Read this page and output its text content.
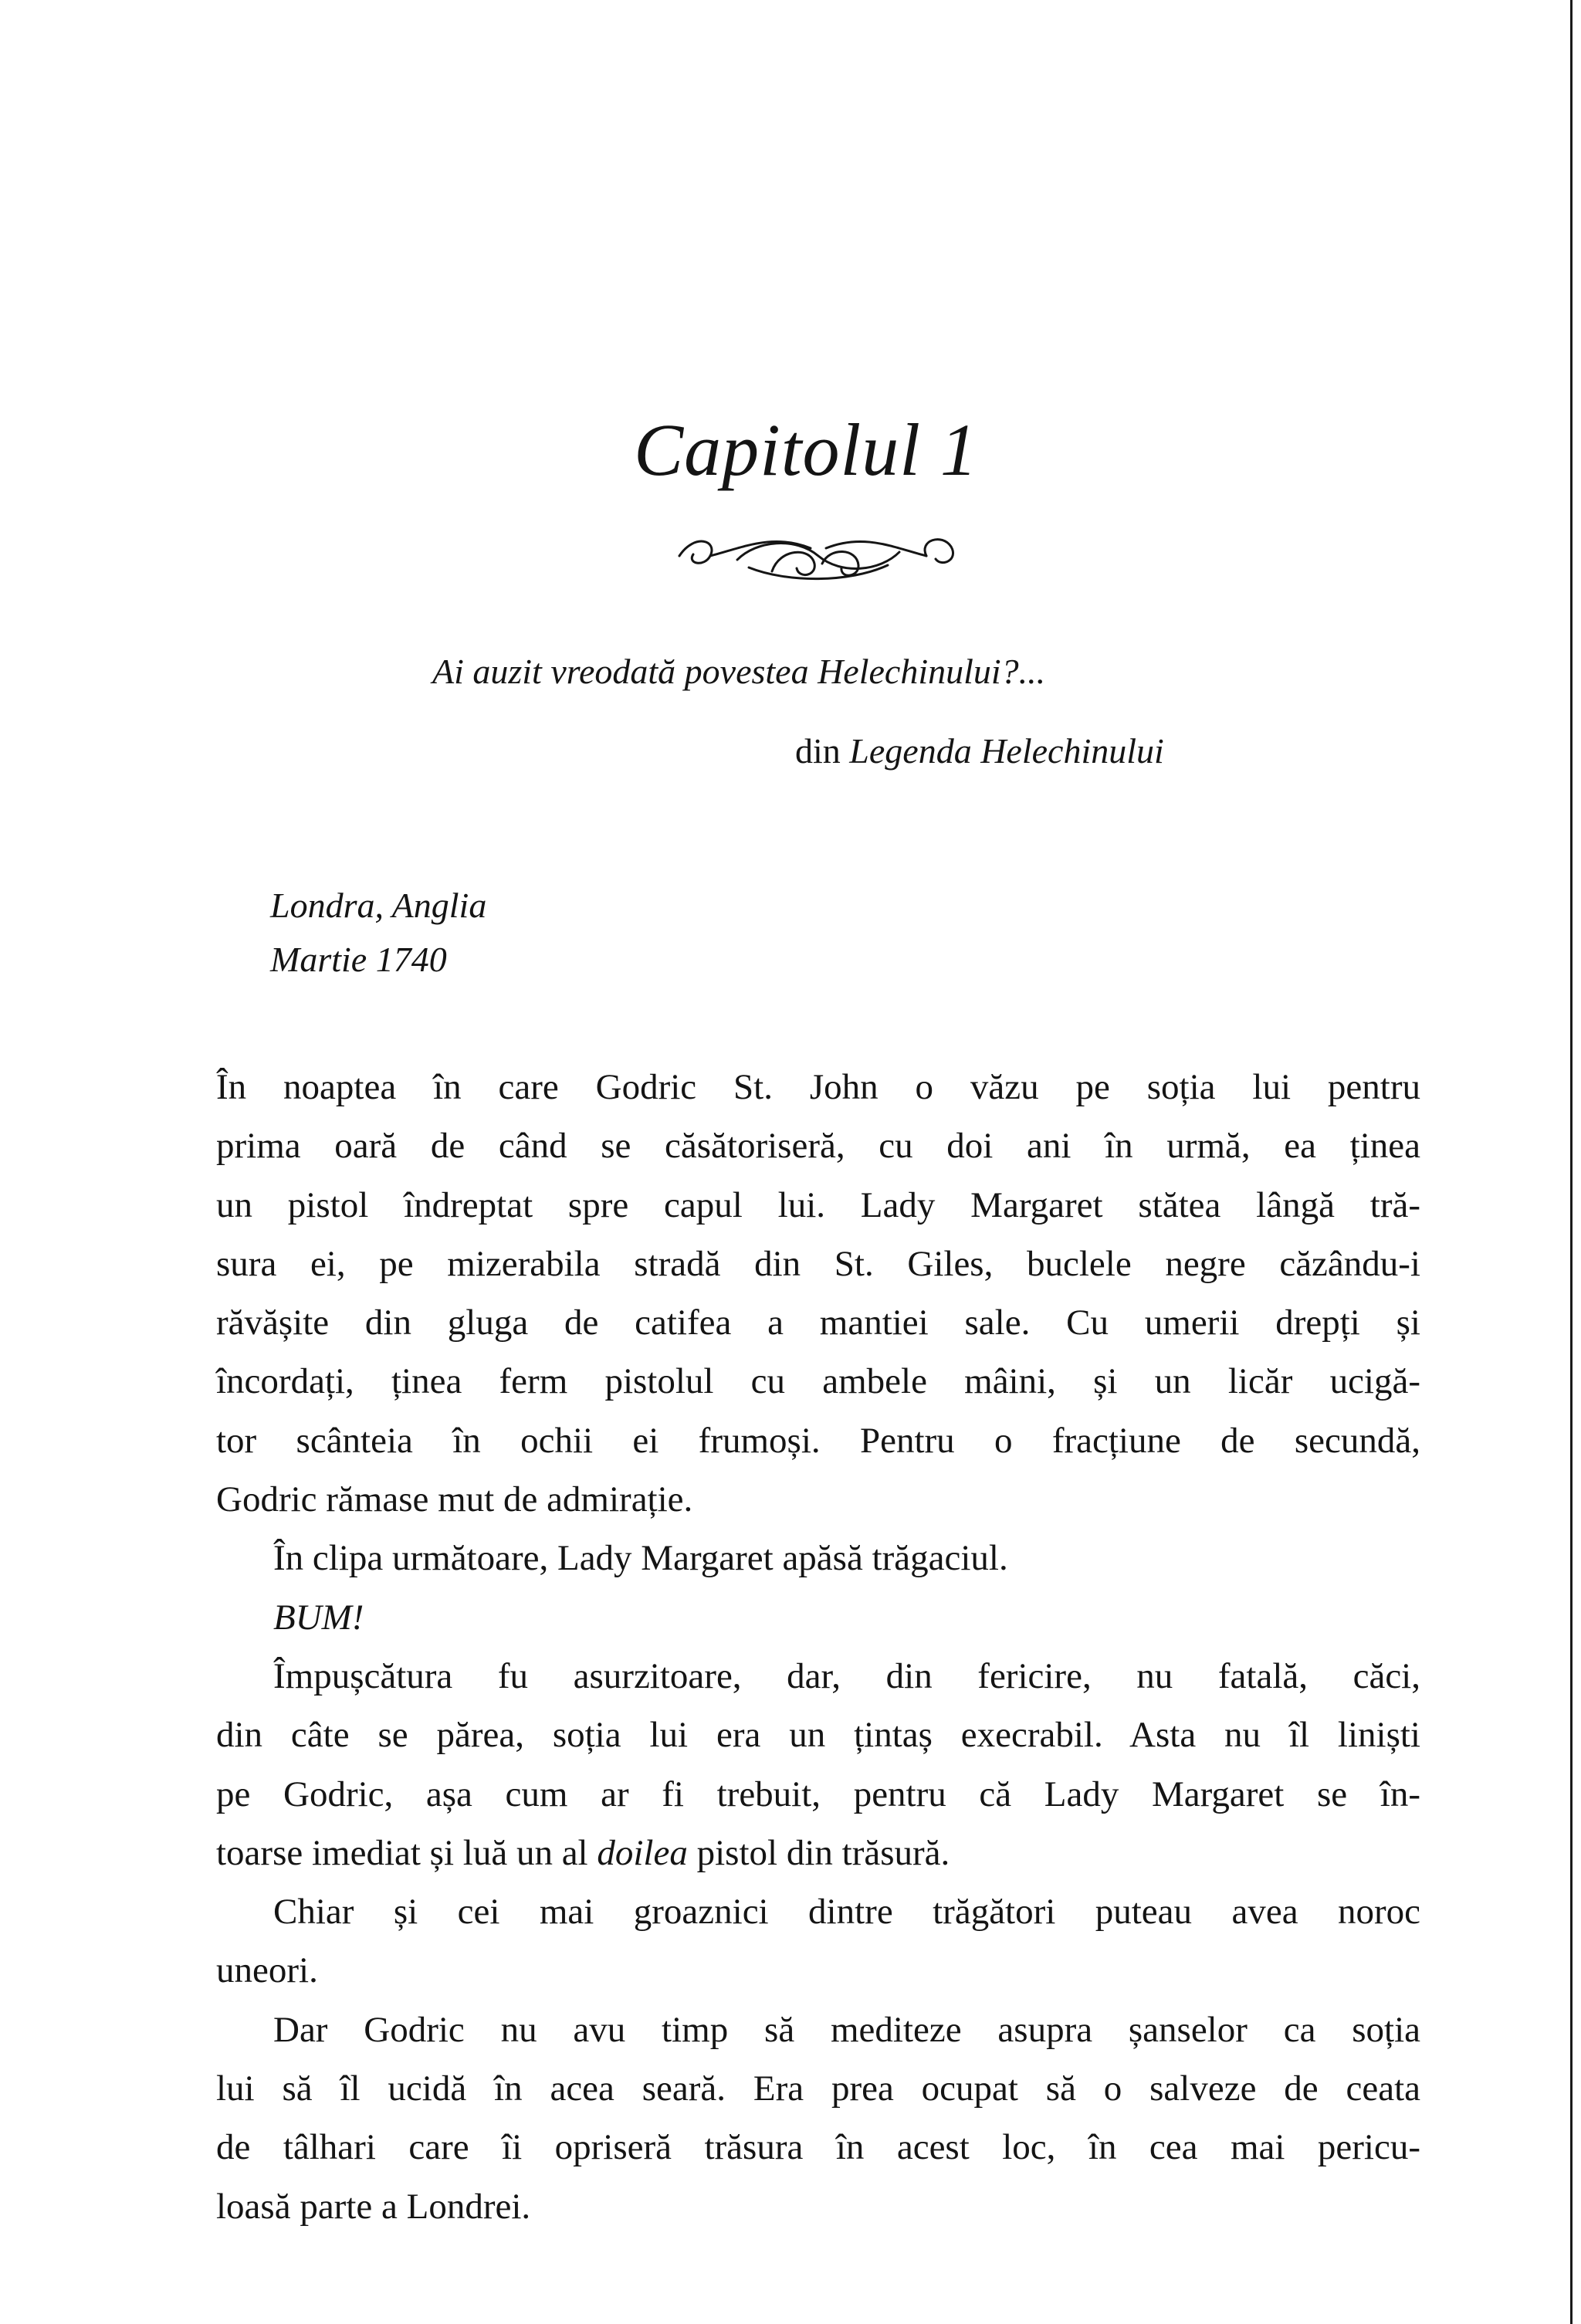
Capitolul 1
Ai auzit vreodată povestea Helechinului?...
din Legenda Helechinului
Londra, Anglia
Martie 1740
În noaptea în care Godric St. John o văzu pe soția lui pentru
prima oară de când se căsătoriseră, cu doi ani în urmă, ea ținea
un pistol îndreptat spre capul lui. Lady Margaret stătea lângă tră-
sura ei, pe mizerabila stradă din St. Giles, buclele negre căzându-i
răvășite din gluga de catifea a mantiei sale. Cu umerii drepți și
încordați, ținea ferm pistolul cu ambele mâini, și un licăr ucigă-
tor scânteia în ochii ei frumoși. Pentru o fracțiune de secundă,
Godric rămase mut de admirație.
În clipa următoare, Lady Margaret apăsă trăgaciul.
BUM!
Împușcătura fu asurzitoare, dar, din fericire, nu fatală, căci,
din câte se părea, soția lui era un țintaș execrabil. Asta nu îl liniști
pe Godric, așa cum ar fi trebuit, pentru că Lady Margaret se în-
toarse imediat și luă un al doilea pistol din trăsură.
Chiar și cei mai groaznici dintre trăgători puteau avea noroc
uneori.
Dar Godric nu avu timp să mediteze asupra șanselor ca soția
lui să îl ucidă în acea seară. Era prea ocupat să o salveze de ceata
de tâlhari care îi opriseră trăsura în acest loc, în cea mai pericu-
loasă parte a Londrei.
